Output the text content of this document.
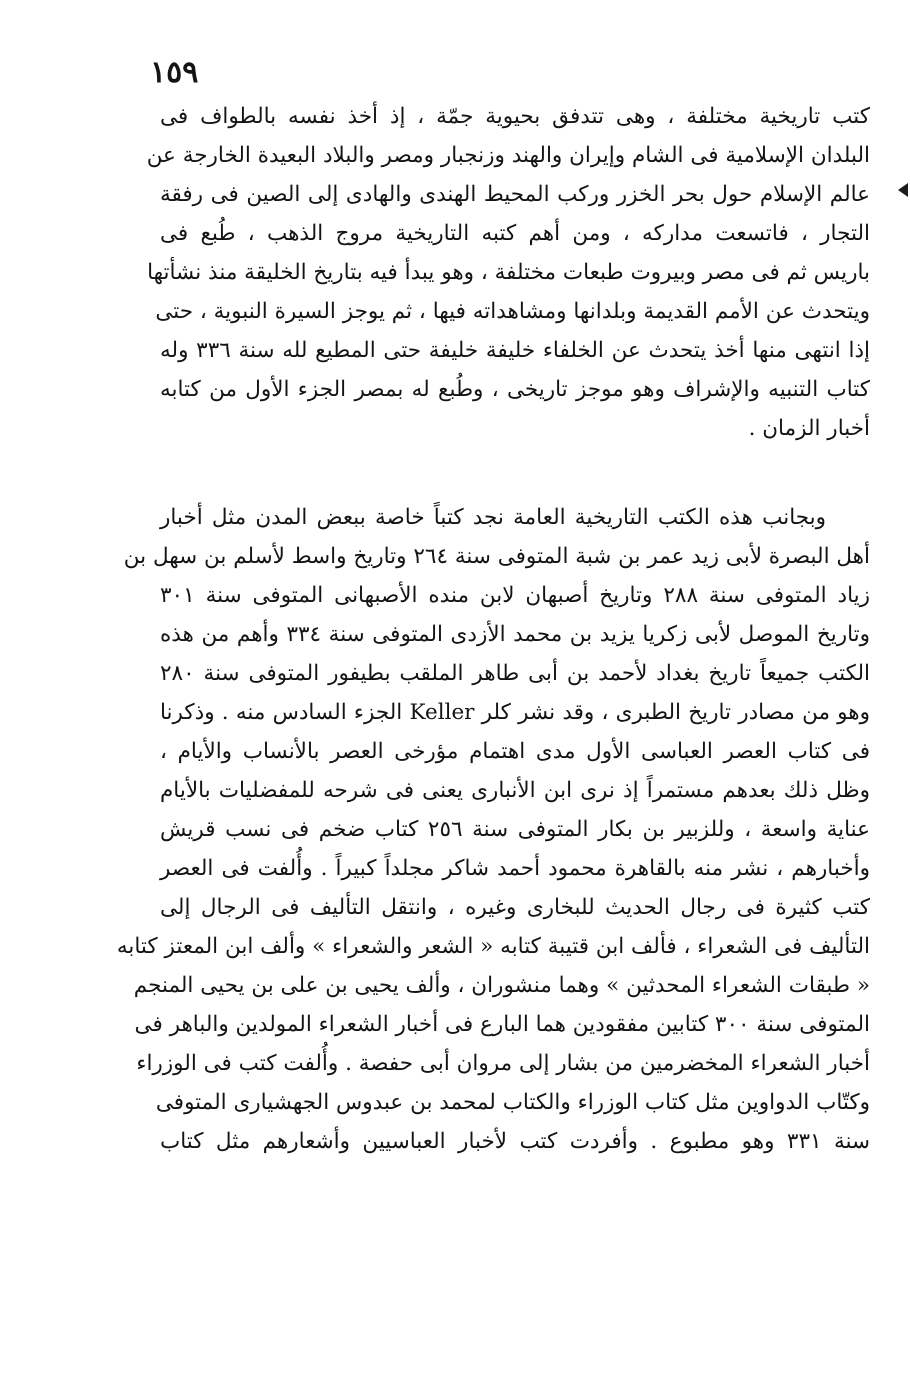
١٥٩
كتب تاريخية مختلفة ، وهى تتدفق بحيوية جمّة ، إذ أخذ نفسه بالطواف فى
البلدان الإسلامية فى الشام وإيران والهند وزنجبار ومصر والبلاد البعيدة الخارجة عن
عالم الإسلام حول بحر الخزر وركب المحيط الهندى والهادى إلى الصين فى رفقة
التجار ، فاتسعت مداركه ، ومن أهم كتبه التاريخية مروج الذهب ، طُبع فى
باريس ثم فى مصر وبيروت طبعات مختلفة ، وهو يبدأ فيه بتاريخ الخليقة منذ نشأتها
ويتحدث عن الأمم القديمة وبلدانها ومشاهداته فيها ، ثم يوجز السيرة النبوية ، حتى
إذا انتهى منها أخذ يتحدث عن الخلفاء خليفة خليفة حتى المطيع لله سنة ٣٣٦ وله
كتاب التنبيه والإشراف وهو موجز تاريخى ، وطُبع له بمصر الجزء الأول من كتابه
أخبار الزمان .
وبجانب هذه الكتب التاريخية العامة نجد كتباً خاصة ببعض المدن مثل أخبار
أهل البصرة لأبى زيد عمر بن شبة المتوفى سنة ٢٦٤ وتاريخ واسط لأسلم بن سهل بن
زياد المتوفى سنة ٢٨٨ وتاريخ أصبهان لابن منده الأصبهانى المتوفى سنة ٣٠١
وتاريخ الموصل لأبى زكريا يزيد بن محمد الأزدى المتوفى سنة ٣٣٤ وأهم من هذه
الكتب جميعاً تاريخ بغداد لأحمد بن أبى طاهر الملقب بطيفور المتوفى سنة ٢٨٠
وهو من مصادر تاريخ الطبرى ، وقد نشر كلر Keller الجزء السادس منه . وذكرنا
فى كتاب العصر العباسى الأول مدى اهتمام مؤرخى العصر بالأنساب والأيام ،
وظل ذلك بعدهم مستمراً إذ نرى ابن الأنبارى يعنى فى شرحه للمفضليات بالأيام
عناية واسعة ، وللزبير بن بكار المتوفى سنة ٢٥٦ كتاب ضخم فى نسب قريش
وأخبارهم ، نشر منه بالقاهرة محمود أحمد شاكر مجلداً كبيراً . وأُلفت فى العصر
كتب كثيرة فى رجال الحديث للبخارى وغيره ، وانتقل التأليف فى الرجال إلى
التأليف فى الشعراء ، فألف ابن قتيبة كتابه « الشعر والشعراء » وألف ابن المعتز كتابه
« طبقات الشعراء المحدثين » وهما منشوران ، وألف يحيى بن على بن يحيى المنجم
المتوفى سنة ٣٠٠ كتابين مفقودين هما البارع فى أخبار الشعراء المولدين والباهر فى
أخبار الشعراء المخضرمين من بشار إلى مروان أبى حفصة . وأُلفت كتب فى الوزراء
وكتّاب الدواوين مثل كتاب الوزراء والكتاب لمحمد بن عبدوس الجهشيارى المتوفى
سنة ٣٣١ وهو مطبوع . وأفردت كتب لأخبار العباسيين وأشعارهم مثل كتاب
